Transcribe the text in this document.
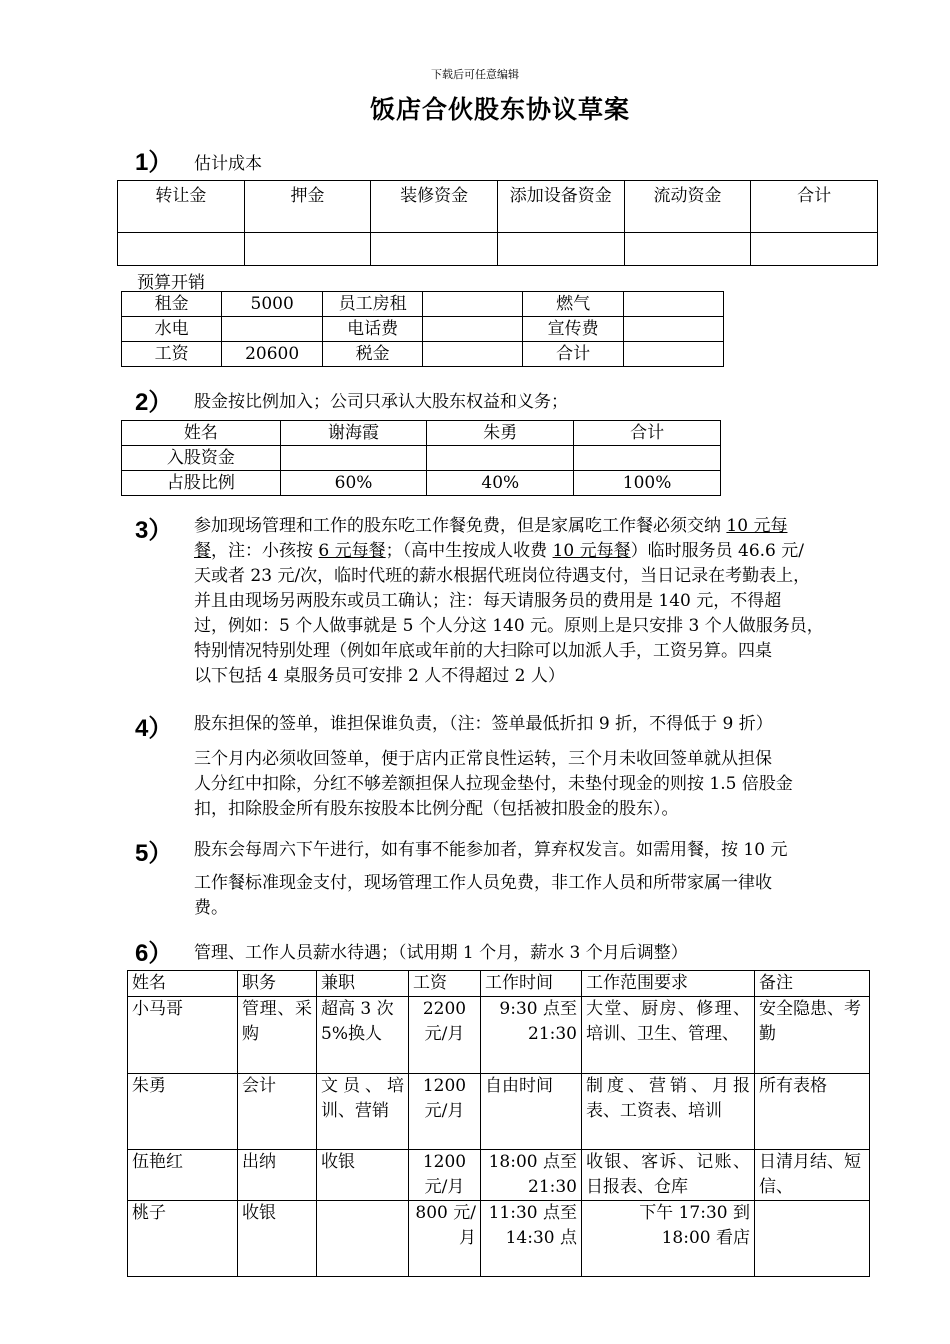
下载后可任意编辑
饭店合伙股东协议草案
1） 估计成本
转让金	押金	装修资金	添加设备资金	流动资金	合计

预算开销
租金	5000	员工房租		燃气	
水电		电话费		宣传费	
工资	20600	税金		合计	
2） 股金按比例加入；公司只承认大股东权益和义务；
姓名	谢海霞	朱勇	合计
入股资金			
占股比例	60%	40%	100%
3） 参加现场管理和工作的股东吃工作餐免费，但是家属吃工作餐必须交纳 10 元每
餐，注：小孩按 6 元每餐；（高中生按成人收费 10 元每餐）临时服务员 46.6 元/
天或者 23 元/次，临时代班的薪水根据代班岗位待遇支付，当日记录在考勤表上，
并且由现场另两股东或员工确认；注：每天请服务员的费用是 140 元，不得超
过，例如：5 个人做事就是 5 个人分这 140 元。原则上是只安排 3 个人做服务员，
特别情况特别处理（例如年底或年前的大扫除可以加派人手，工资另算。四桌
以下包括 4 桌服务员可安排 2 人不得超过 2 人）
4） 股东担保的签单，谁担保谁负责，（注：签单最低折扣 9 折，不得低于 9 折）
三个月内必须收回签单，便于店内正常良性运转，三个月未收回签单就从担保
人分红中扣除，分红不够差额担保人拉现金垫付，未垫付现金的则按 1.5 倍股金
扣，扣除股金所有股东按股本比例分配（包括被扣股金的股东）。
5） 股东会每周六下午进行，如有事不能参加者，算弃权发言。如需用餐，按 10 元
工作餐标准现金支付，现场管理工作人员免费，非工作人员和所带家属一律收
费。
6） 管理、工作人员薪水待遇；（试用期 1 个月，薪水 3 个月后调整）
姓名	职务	兼职	工资	工作时间	工作范围要求	备注
小马哥	管理、采购	超高 3 次 5%换人	2200 元/月	9:30 点至 21:30	大堂、厨房、修理、培训、卫生、管理、	安全隐患、考勤
朱勇	会计	文员、培训、营销	1200 元/月	自由时间	制度、营销、月报表、工资表、培训	所有表格
伍艳红	出纳	收银	1200 元/月	18:00 点至 21:30	收银、客诉、记账、日报表、仓库	日清月结、短信、
桃子	收银		800 元/月	11:30 点至 14:30 点	下午 17:30 到 18:00 看店	
